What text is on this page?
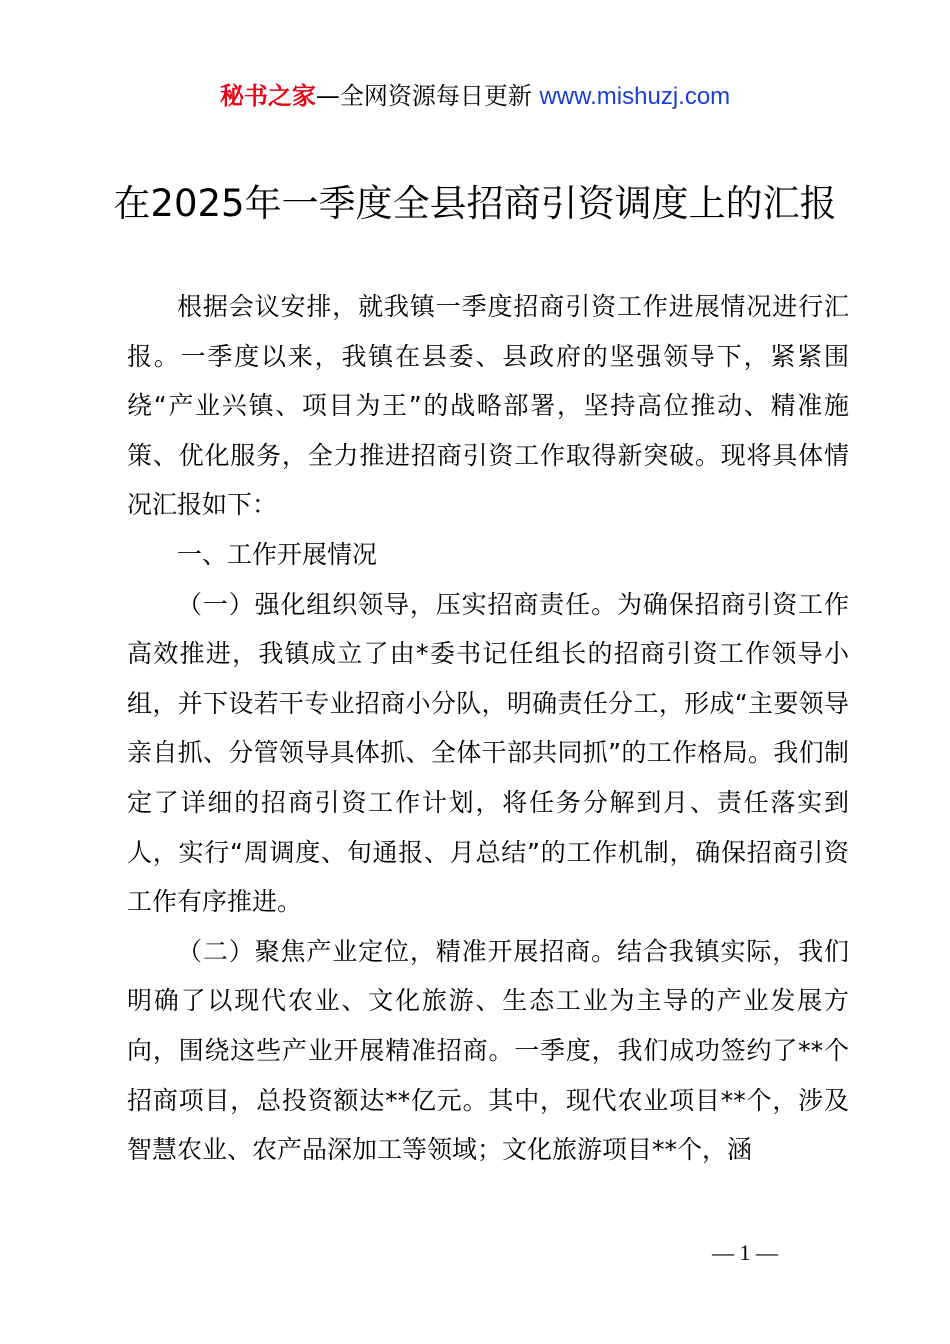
秘书之家—全网资源每日更新 www.mishuzj.com
在2025年一季度全县招商引资调度上的汇报

根据会议安排，就我镇一季度招商引资工作进展情况进行汇报。一季度以来，我镇在县委、县政府的坚强领导下，紧紧围绕“产业兴镇、项目为王”的战略部署，坚持高位推动、精准施策、优化服务，全力推进招商引资工作取得新突破。现将具体情况汇报如下：

一、工作开展情况

（一）强化组织领导，压实招商责任。为确保招商引资工作高效推进，我镇成立了由*委书记任组长的招商引资工作领导小组，并下设若干专业招商小分队，明确责任分工，形成“主要领导亲自抓、分管领导具体抓、全体干部共同抓”的工作格局。我们制定了详细的招商引资工作计划，将任务分解到月、责任落实到人，实行“周调度、旬通报、月总结”的工作机制，确保招商引资工作有序推进。

（二）聚焦产业定位，精准开展招商。结合我镇实际，我们明确了以现代农业、文化旅游、生态工业为主导的产业发展方向，围绕这些产业开展精准招商。一季度，我们成功签约了**个招商项目，总投资额达**亿元。其中，现代农业项目**个，涉及智慧农业、农产品深加工等领域；文化旅游项目**个，涵

— 1 —
